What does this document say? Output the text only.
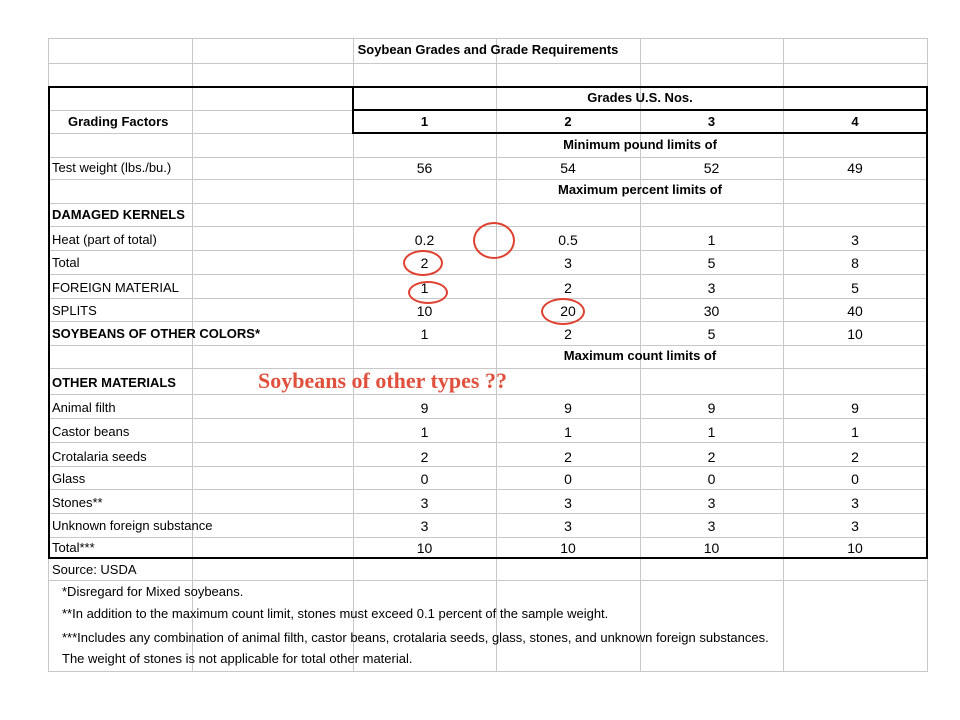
Soybean Grades and Grade Requirements
Grades U.S. Nos.
Grading Factors	1	2	3	4
Minimum pound limits of
Test weight (lbs./bu.)	56	54	52	49
Maximum percent limits of
DAMAGED KERNELS
Heat (part of total)	0.2	0.5	1	3
Total	2	3	5	8
FOREIGN MATERIAL	1	2	3	5
SPLITS	10	20	30	40
SOYBEANS OF OTHER COLORS*	1	2	5	10
Maximum count limits of
OTHER MATERIALS
Animal filth	9	9	9	9
Castor beans	1	1	1	1
Crotalaria seeds	2	2	2	2
Glass	0	0	0	0
Stones**	3	3	3	3
Unknown foreign substance	3	3	3	3
Total***	10	10	10	10
Source: USDA
*Disregard for Mixed soybeans.
**In addition to the maximum count limit, stones must exceed 0.1 percent of the sample weight.
***Includes any combination of animal filth, castor beans, crotalaria seeds, glass, stones, and unknown foreign substances.
The weight of stones is not applicable for total other material.
Soybeans of other types ??
